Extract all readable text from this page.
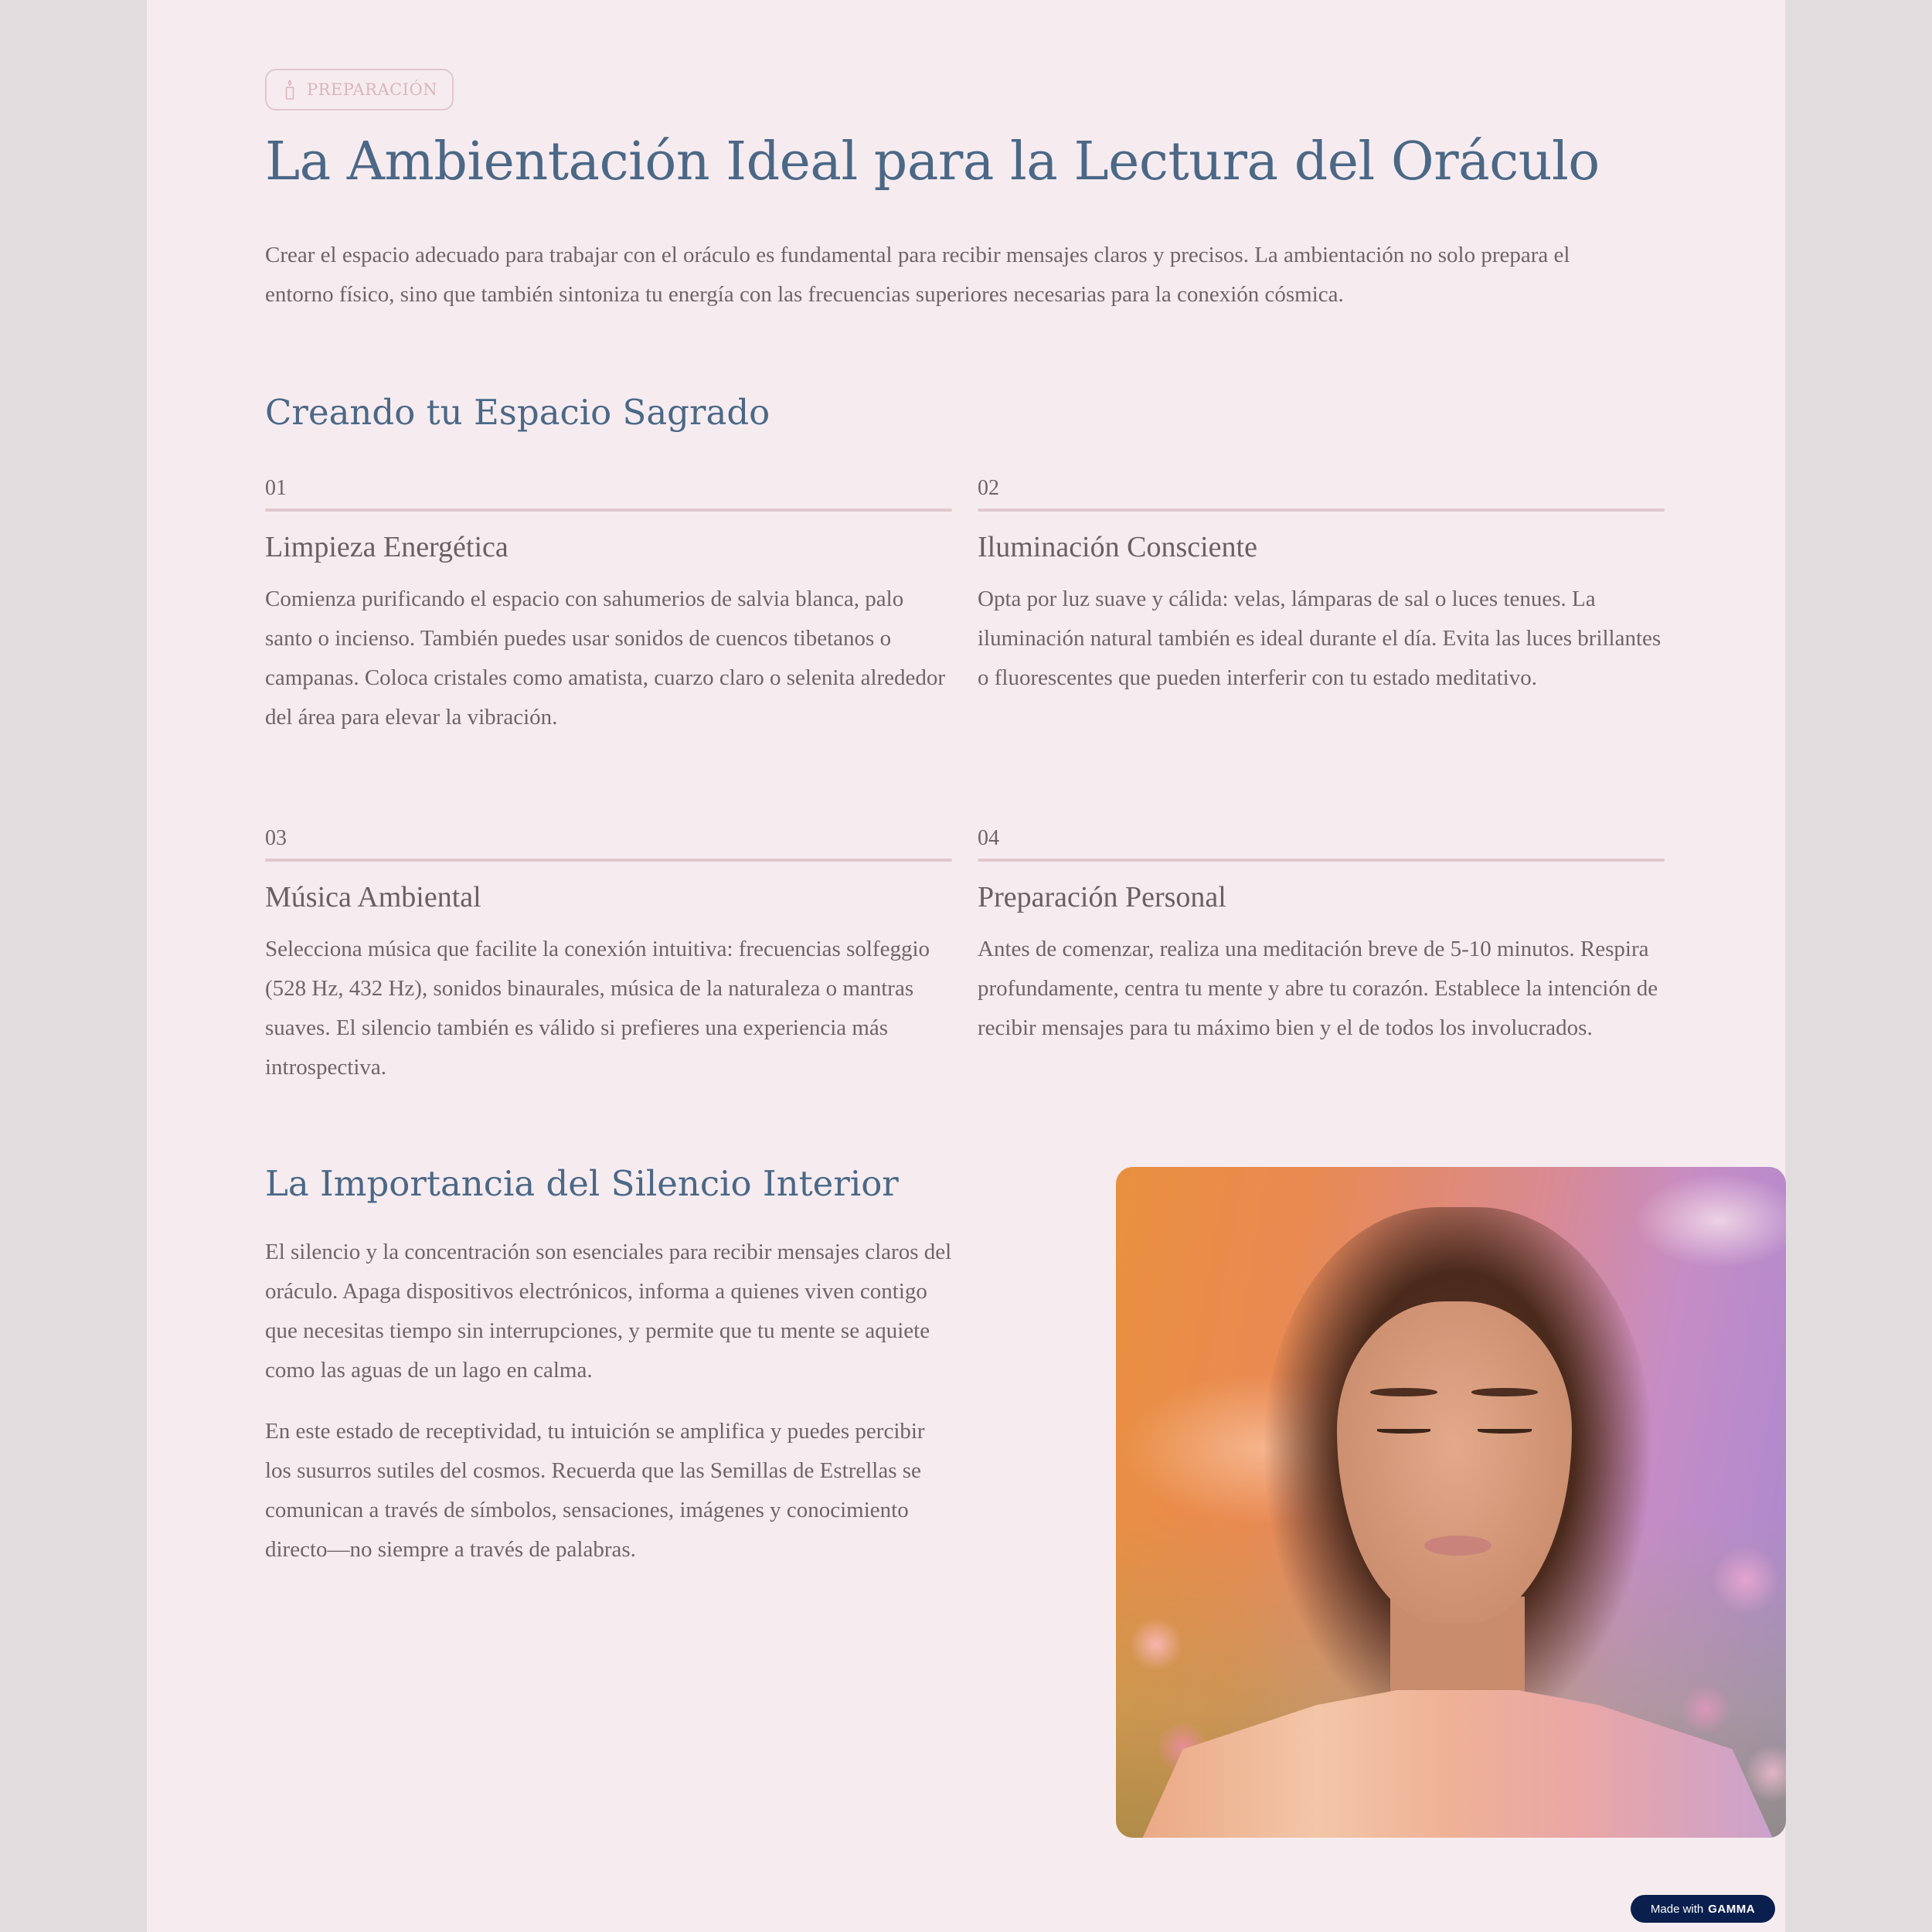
PREPARACIÓN
La Ambientación Ideal para la Lectura del Oráculo

Crear el espacio adecuado para trabajar con el oráculo es fundamental para recibir mensajes claros y precisos. La ambientación no solo prepara el entorno físico, sino que también sintoniza tu energía con las frecuencias superiores necesarias para la conexión cósmica.

Creando tu Espacio Sagrado
01
Limpieza Energética

Comienza purificando el espacio con sahumerios de salvia blanca, palo santo o incienso. También puedes usar sonidos de cuencos tibetanos o campanas. Coloca cristales como amatista, cuarzo claro o selenita alrededor del área para elevar la vibración.

02
Iluminación Consciente

Opta por luz suave y cálida: velas, lámparas de sal o luces tenues. La iluminación natural también es ideal durante el día. Evita las luces brillantes o fluorescentes que pueden interferir con tu estado meditativo.

03
Música Ambiental

Selecciona música que facilite la conexión intuitiva: frecuencias solfeggio (528 Hz, 432 Hz), sonidos binaurales, música de la naturaleza o mantras suaves. El silencio también es válido si prefieres una experiencia más introspectiva.

04
Preparación Personal

Antes de comenzar, realiza una meditación breve de 5-10 minutos. Respira profundamente, centra tu mente y abre tu corazón. Establece la intención de recibir mensajes para tu máximo bien y el de todos los involucrados.

La Importancia del Silencio Interior

El silencio y la concentración son esenciales para recibir mensajes claros del oráculo. Apaga dispositivos electrónicos, informa a quienes viven contigo que necesitas tiempo sin interrupciones, y permite que tu mente se aquiete como las aguas de un lago en calma.

En este estado de receptividad, tu intuición se amplifica y puedes percibir los susurros sutiles del cosmos. Recuerda que las Semillas de Estrellas se comunican a través de símbolos, sensaciones, imágenes y conocimiento directo—no siempre a través de palabras.

Made with GAMMA
